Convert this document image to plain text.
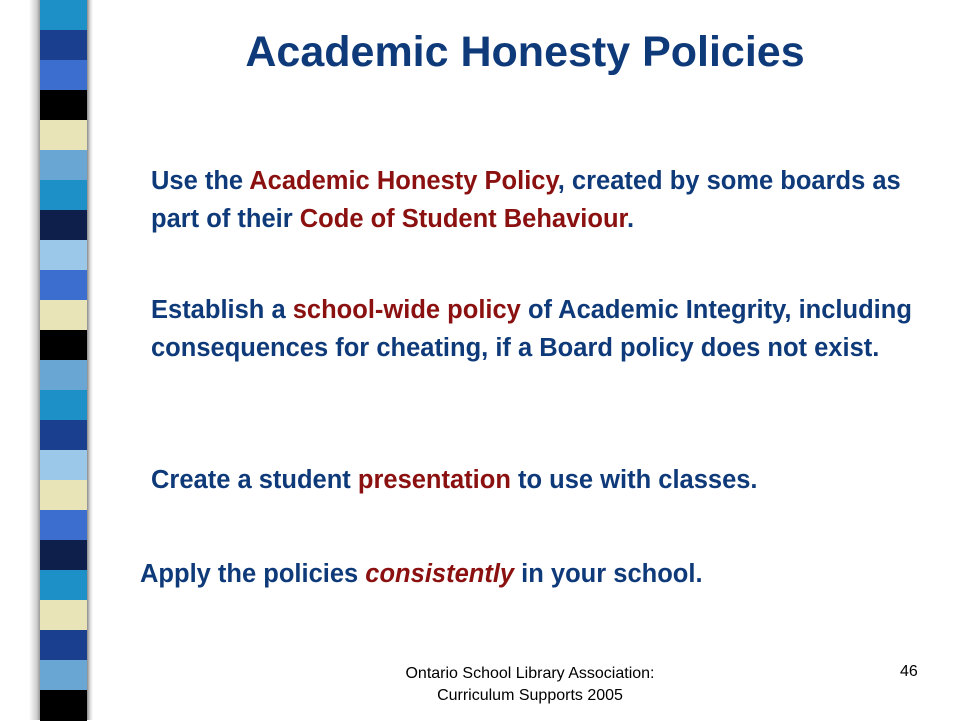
Academic Honesty Policies
Use the Academic Honesty Policy, created by some boards as part of their Code of Student Behaviour.
Establish a school-wide policy of Academic Integrity, including consequences for cheating, if a Board policy does not exist.
Create a student presentation to use with classes.
Apply the policies consistently in your school.
Ontario School Library Association: Curriculum Supports 2005
46
